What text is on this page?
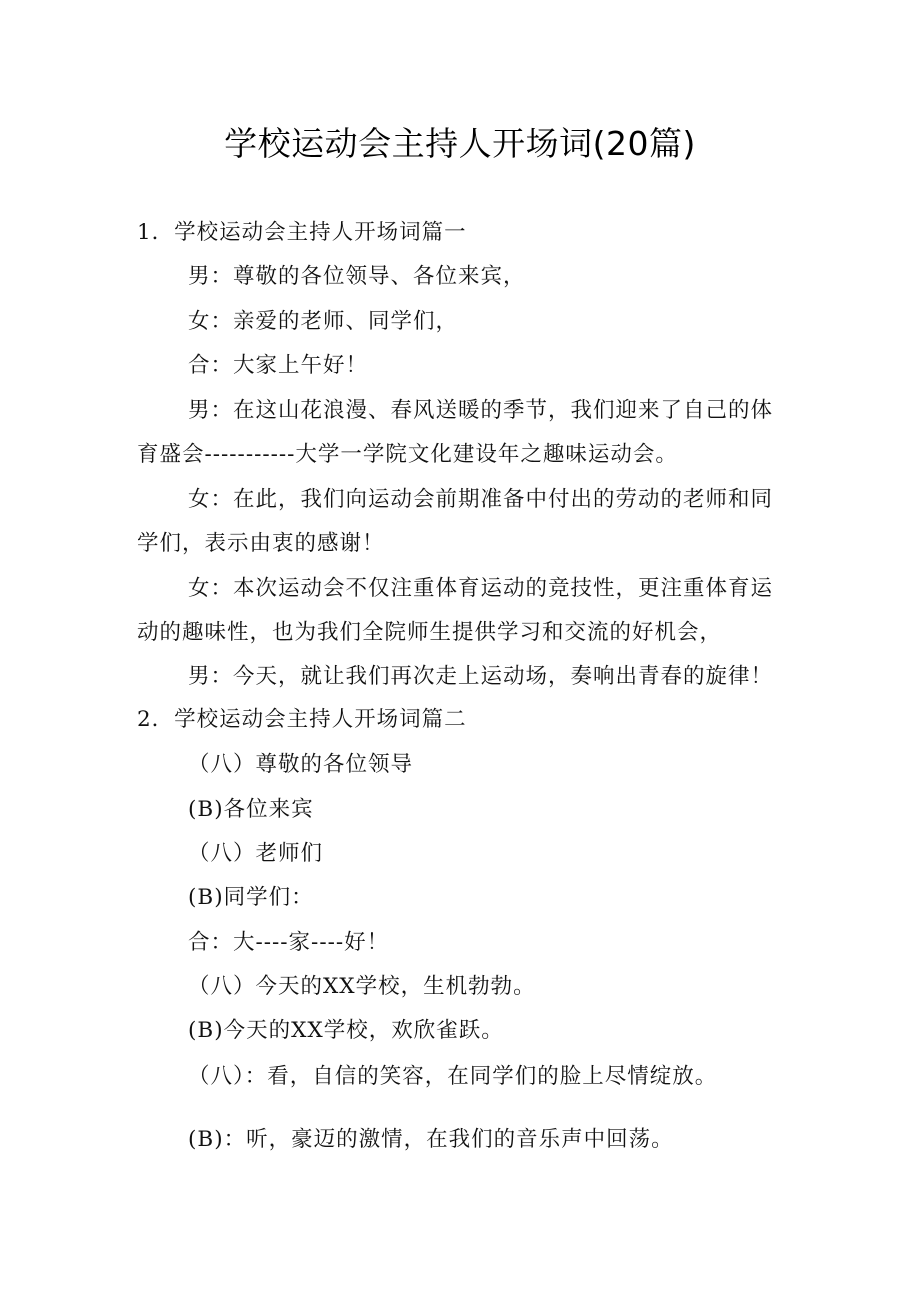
学校运动会主持人开场词(20篇)
1．学校运动会主持人开场词篇一
男：尊敬的各位领导、各位来宾，
女：亲爱的老师、同学们，
合：大家上午好！
男：在这山花浪漫、春风送暖的季节，我们迎来了自己的体
育盛会-----------大学一学院文化建设年之趣味运动会。
女：在此，我们向运动会前期准备中付出的劳动的老师和同
学们，表示由衷的感谢！
女：本次运动会不仅注重体育运动的竞技性，更注重体育运
动的趣味性，也为我们全院师生提供学习和交流的好机会，
男：今天，就让我们再次走上运动场，奏响出青春的旋律！
2．学校运动会主持人开场词篇二
（八）尊敬的各位领导
(B)各位来宾
（八）老师们
(B)同学们：
合：大----家----好！
（八）今天的XX学校，生机勃勃。
(B)今天的XX学校，欢欣雀跃。
（八）：看，自信的笑容，在同学们的脸上尽情绽放。
(B)：听，豪迈的激情，在我们的音乐声中回荡。
